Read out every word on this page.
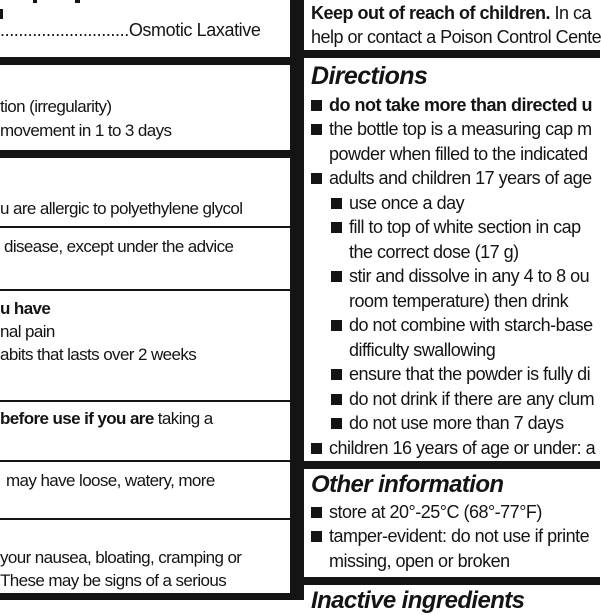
............................Osmotic Laxative
tion (irregularity)
movement in 1 to 3 days
u are allergic to polyethylene glycol
disease, except under the advice
u have
nal pain
abits that lasts over 2 weeks
before use if you are taking a
may have loose, watery, more
your nausea, bloating, cramping or
These may be signs of a serious
Keep out of reach of children. In ca
help or contact a Poison Control Cente
Directions
do not take more than directed u
the bottle top is a measuring cap m
powder when filled to the indicated
adults and children 17 years of age
use once a day
fill to top of white section in cap
the correct dose (17 g)
stir and dissolve in any 4 to 8 ou
room temperature) then drink
do not combine with starch-base
difficulty swallowing
ensure that the powder is fully di
do not drink if there are any clum
do not use more than 7 days
children 16 years of age or under: a
Other information
store at 20°-25°C (68°-77°F)
tamper-evident: do not use if printe
missing, open or broken
Inactive ingredients
